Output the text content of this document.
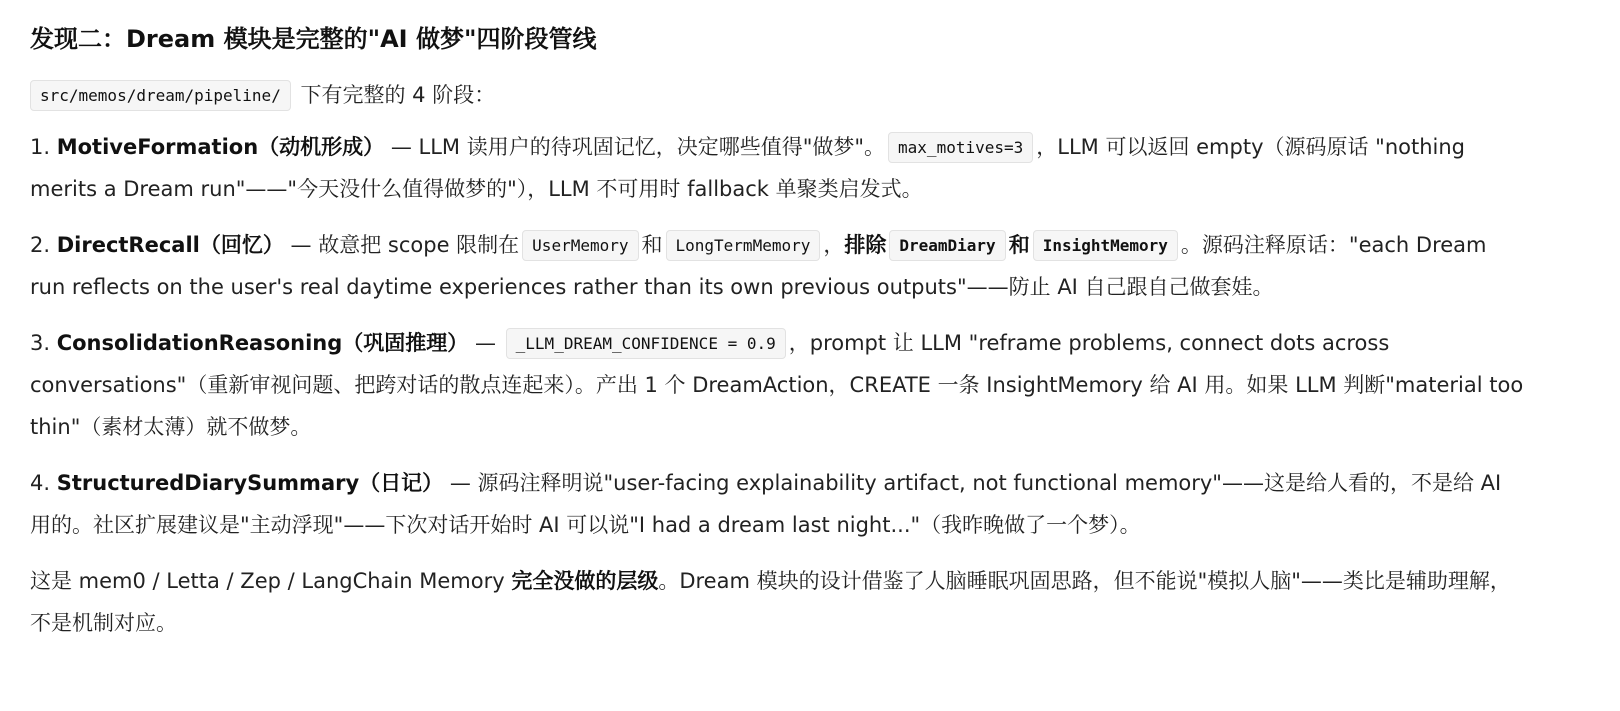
发现二：Dream 模块是完整的"AI 做梦"四阶段管线

src/memos/dream/pipeline/ 下有完整的 4 阶段：

1. MotiveFormation（动机形成） — LLM 读用户的待巩固记忆，决定哪些值得"做梦"。 max_motives=3 ，LLM 可以返回 empty（源码原话 "nothing merits a Dream run"——"今天没什么值得做梦的"），LLM 不可用时 fallback 单聚类启发式。

2. DirectRecall（回忆） — 故意把 scope 限制在 UserMemory 和 LongTermMemory ，排除 DreamDiary 和 InsightMemory 。源码注释原话："each Dream run reflects on the user's real daytime experiences rather than its own previous outputs"——防止 AI 自己跟自己做套娃。

3. ConsolidationReasoning（巩固推理） — _LLM_DREAM_CONFIDENCE = 0.9 ，prompt 让 LLM "reframe problems, connect dots across conversations"（重新审视问题、把跨对话的散点连起来）。产出 1 个 DreamAction，CREATE 一条 InsightMemory 给 AI 用。如果 LLM 判断"material too thin"（素材太薄）就不做梦。

4. StructuredDiarySummary（日记） — 源码注释明说"user-facing explainability artifact, not functional memory"——这是给人看的，不是给 AI 用的。社区扩展建议是"主动浮现"——下次对话开始时 AI 可以说"I had a dream last night..."（我昨晚做了一个梦）。

这是 mem0 / Letta / Zep / LangChain Memory 完全没做的层级。Dream 模块的设计借鉴了人脑睡眠巩固思路，但不能说"模拟人脑"——类比是辅助理解，不是机制对应。
